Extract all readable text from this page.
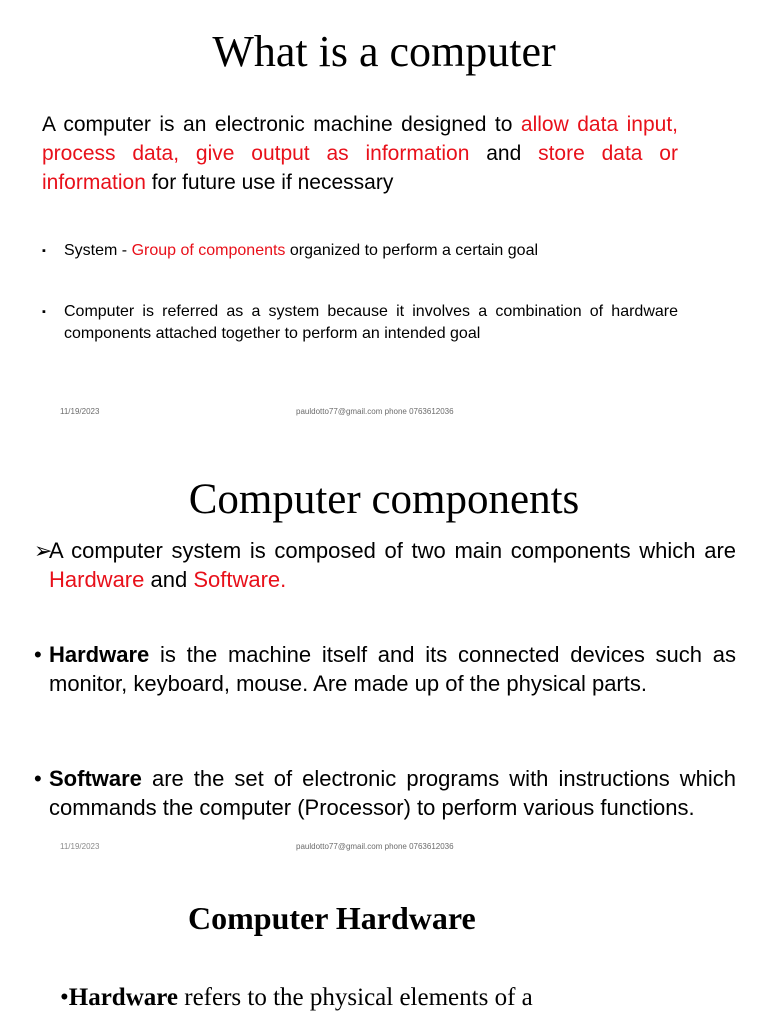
What is a computer
A computer is an electronic machine designed to allow data input, process data, give output as information and store data or information for future use if necessary
▪ System - Group of components organized to perform a certain goal
▪ Computer is referred as a system because it involves a combination of hardware components attached together to perform an intended goal
11/19/2023	pauldotto77@gmail.com phone 0763612036
Computer components
➢
A computer system is composed of two main components which are Hardware and Software.
• Hardware is the machine itself and its connected devices such as monitor, keyboard, mouse. Are made up of the physical parts.
• Software are the set of electronic programs with instructions which commands the computer (Processor) to perform various functions.
11/19/2023	pauldotto77@gmail.com phone 0763612036
Computer Hardware
•Hardware refers to the physical elements of a
